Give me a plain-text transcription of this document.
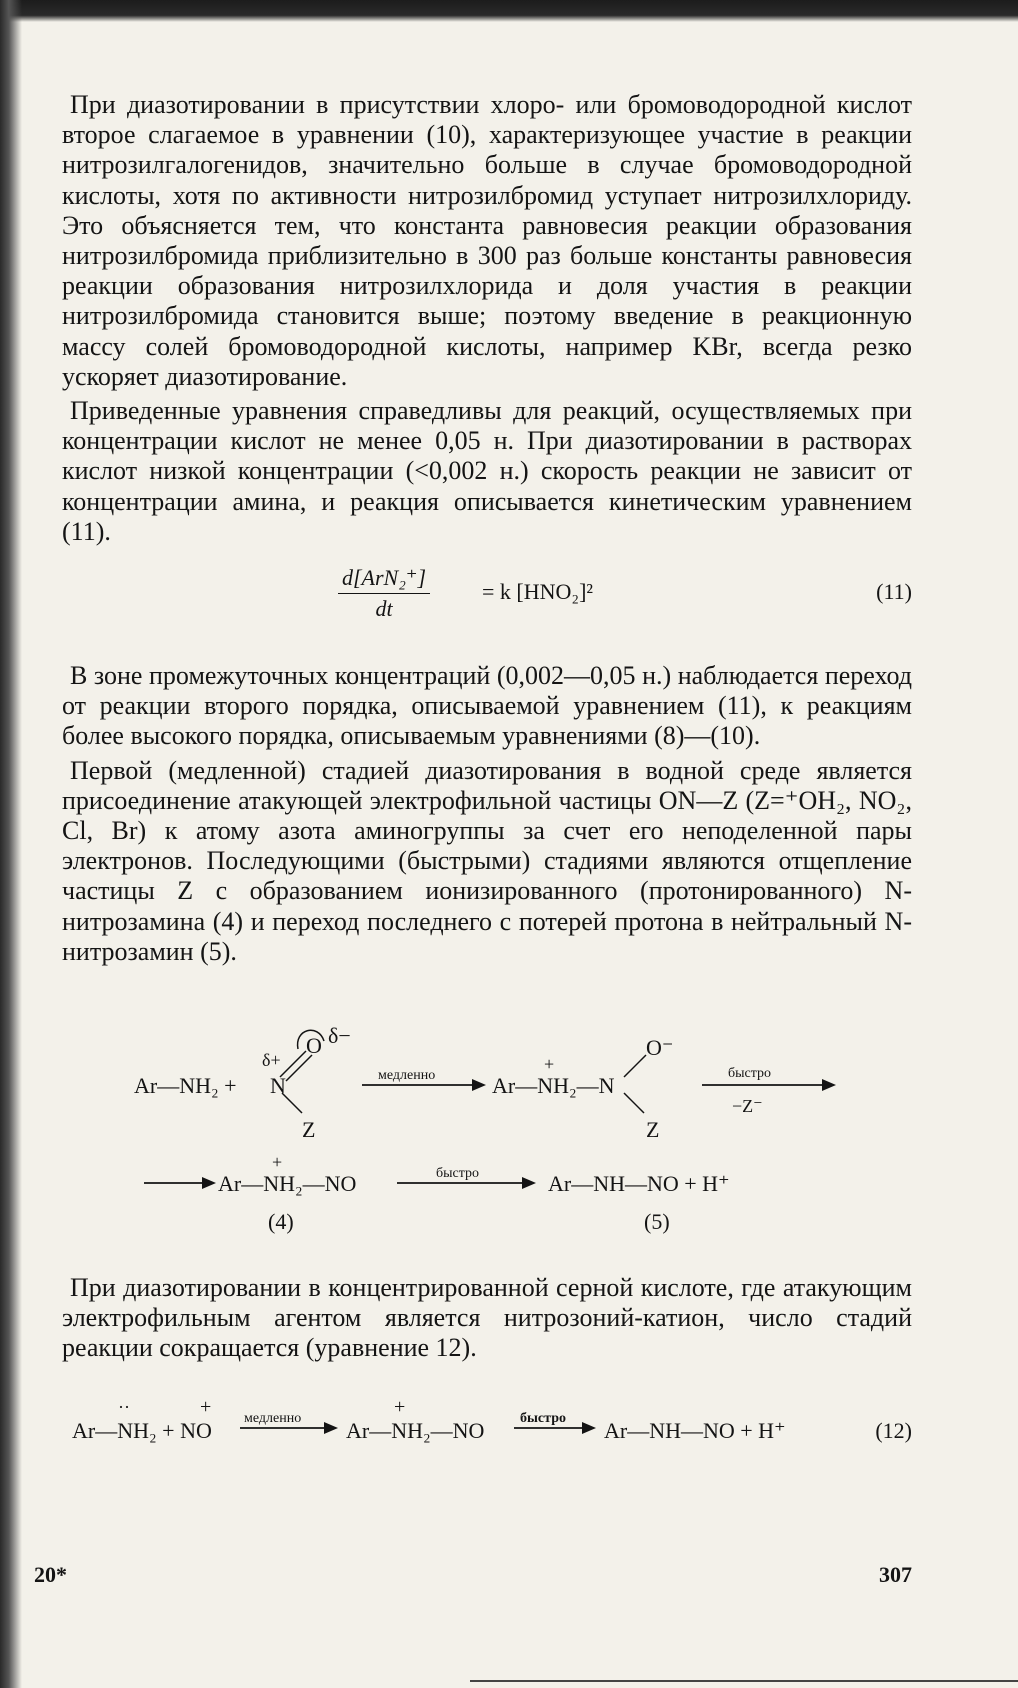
При диазотировании в присутствии хлоро- или бромоводородной кислот второе слагаемое в уравнении (10), характеризующее участие в реакции нитрозилгалогенидов, значительно больше в случае бромоводородной кислоты, хотя по активности нитрозилбромид уступает нитрозилхлориду. Это объясняется тем, что константа равновесия реакции образования нитрозилбромида приблизительно в 300 раз больше константы равновесия реакции образования нитрозилхлорида и доля участия в реакции нитрозилбромида становится выше; поэтому введение в реакционную массу солей бромоводородной кислоты, например KBr, всегда резко ускоряет диазотирование.

Приведенные уравнения справедливы для реакций, осуществляемых при концентрации кислот не менее 0,05 н. При диазотировании в растворах кислот низкой концентрации (<0,002 н.) скорость реакции не зависит от концентрации амина, и реакция описывается кинетическим уравнением (11).

d[ArN₂⁺]
dt
= k [HNO₂]²	(11)

В зоне промежуточных концентраций (0,002—0,05 н.) наблюдается переход от реакции второго порядка, описываемой уравнением (11), к реакциям более высокого порядка, описываемым уравнениями (8)—(10).

Первой (медленной) стадией диазотирования в водной среде является присоединение атакующей электрофильной частицы ON—Z (Z=⁺OH₂, NO₂, Cl, Br) к атому азота аминогруппы за счет его неподеленной пары электронов. Последующими (быстрыми) стадиями являются отщепление частицы Z с образованием ионизированного (протонированного) N-нитрозамина (4) и переход последнего с потерей протона в нейтральный N-нитрозамин (5).

Ar—NH₂ + N
O δ−
δ+
Z
медленно	Ar—NH₂—N
+
O⁻
Z
быстро
−Z⁻
Ar—NH₂—NO
+
быстро	Ar—NH—NO + H⁺
(4)	(5)

При диазотировании в концентрированной серной кислоте, где атакующим электрофильным агентом является нитрозоний-катион, число стадий реакции сокращается (уравнение 12).

Ar—NH₂ + NO
··	+
медленно Ar—NH₂—NO
+
быстро Ar—NH—NO + H⁺	(12)
20*	307
